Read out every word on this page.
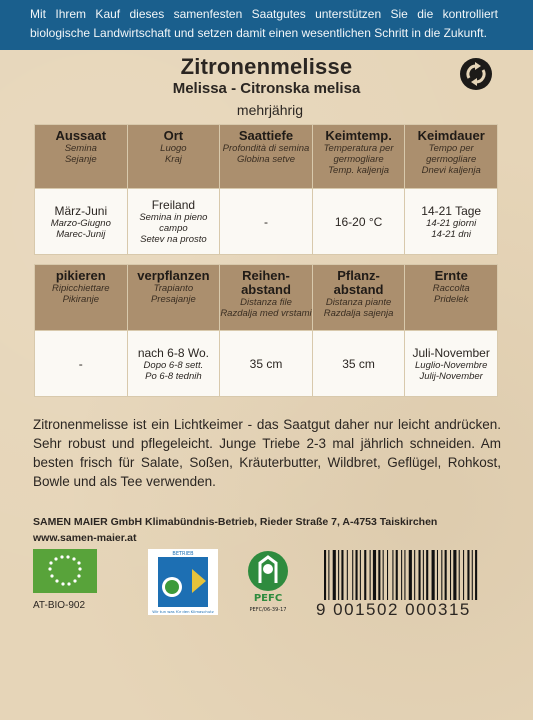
Mit Ihrem Kauf dieses samenfesten Saatgutes unterstützen Sie die kontrolliert
biologische Landwirtschaft und setzen damit einen wesentlichen Schritt in die Zukunft.
Zitronenmelisse
Melissa - Citronska melisa
mehrjährig
Aussaat
Semina
Sejanje	Ort
Luogo
Kraj	Saattiefe
Profondità di semina
Globina setve	Keimtemp.
Temperatura per germogliare
Temp. kaljenja	Keimdauer
Tempo per germogliare
Dnevi kaljenja

März-Juni
Marzo-Giugno
Marec-Junij	Freiland
Semina in pieno campo
Setev na prosto	-	16-20 °C	14-21 Tage
14-21 giorni
14-21 dni
pikieren
Ripicchiettare
Pikiranje	verpflanzen
Trapianto
Presajanje	Reihen-abstand
Distanza file
Razdalja med vrstami	Pflanz-abstand
Distanza piante
Razdalja sajenja	Ernte
Raccolta
Pridelek

-	nach 6-8 Wo.
Dopo 6-8 sett.
Po 6-8 tednih	35 cm	35 cm	Juli-November
Luglio-Novembre
Julij-November
Zitronenmelisse ist ein Lichtkeimer - das Saatgut daher nur leicht andrücken. Sehr robust und pflegeleicht. Junge Triebe 2-3 mal jährlich schneiden. Am besten frisch für Salate, Soßen, Kräuterbutter, Wildbret, Geflügel, Rohkost, Bowle und als Tee verwenden.
SAMEN MAIER GmbH Klimabündnis-Betrieb, Rieder Straße 7, A-4753 Taiskirchen
www.samen-maier.at
AT-BIO-902
BETRIEB
Wir tun was für den Klimaschutz
PEFC
PEFC/06-39-17 9 001502 000315
